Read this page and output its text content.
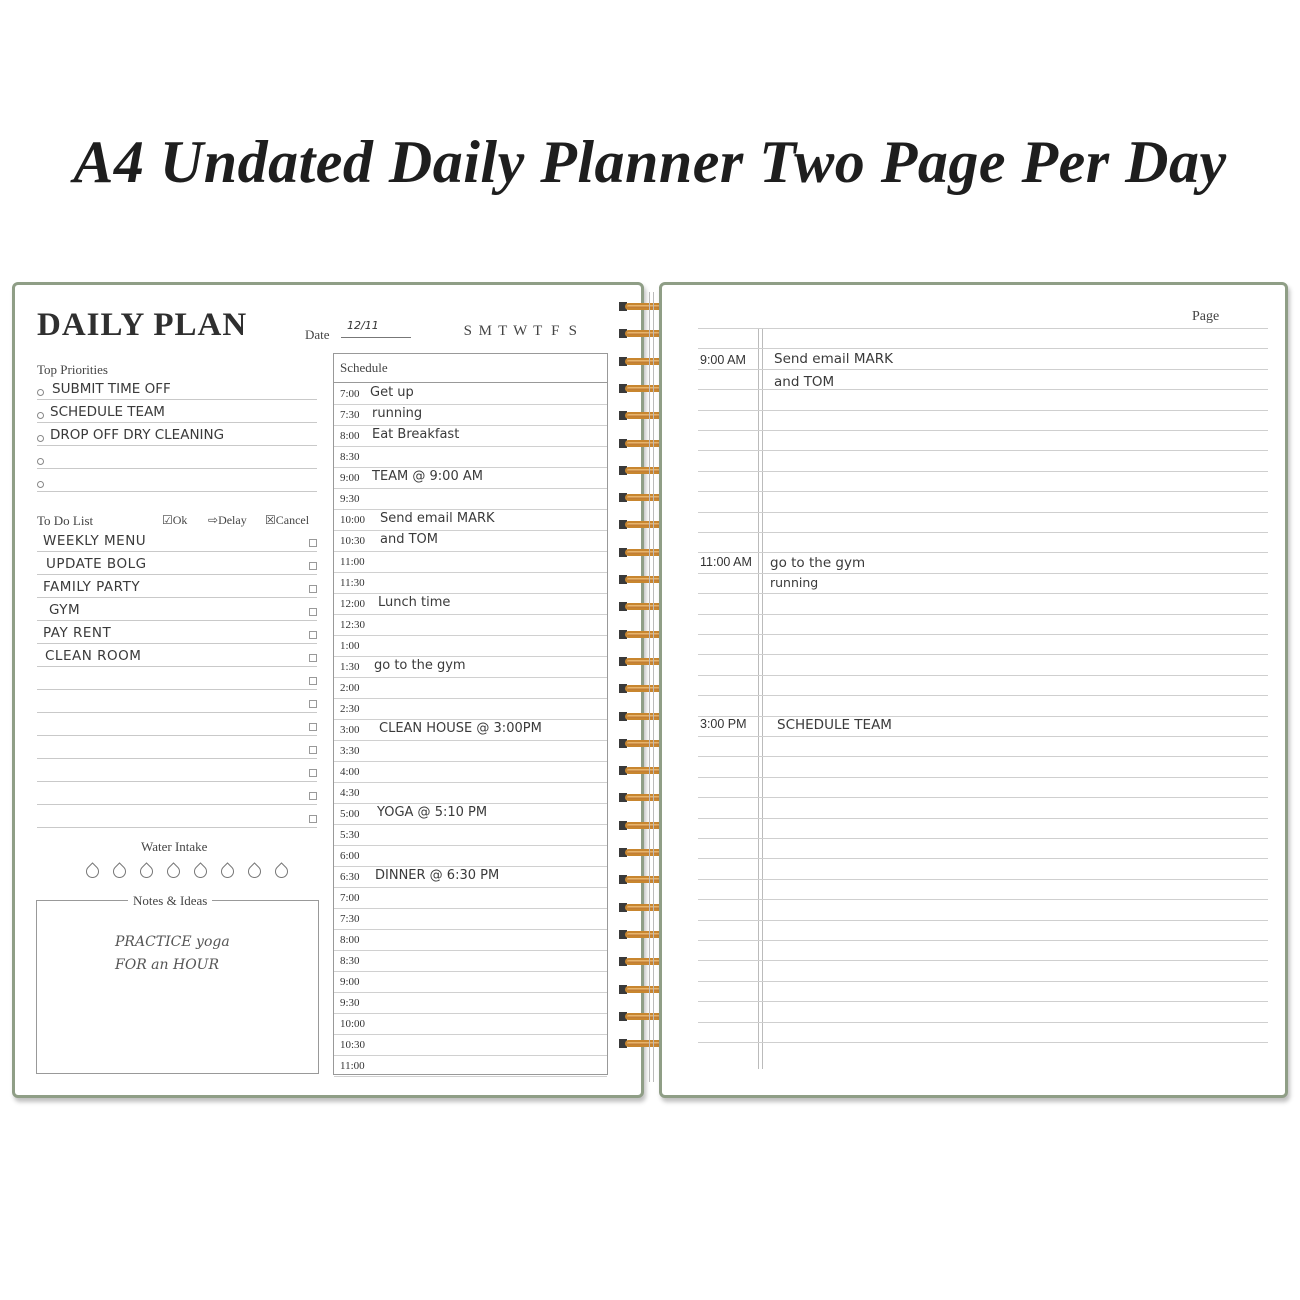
A4 Undated Daily Planner Two Page Per Day
DAILY PLAN	Date
12/11	S M T W T F S
Top Priorities
SUBMIT TIME OFF
SCHEDULE TEAM
DROP OFF DRY CLEANING
To Do List	☑Ok ⇨Delay ☒Cancel
WEEKLY MENU
UPDATE BOLG
FAMILY PARTY
GYM
PAY RENT
CLEAN ROOM
Water Intake
Notes & Ideas
PRACTICE yoga
FOR an HOUR
Schedule
7:00 Get up
7:30 running
8:00 Eat Breakfast
8:30
9:00 TEAM @ 9:00 AM
9:30
10:00 Send email MARK
10:30 and TOM
11:00
11:30
12:00 Lunch time
12:30
1:00
1:30 go to the gym
2:00
2:30
3:00 CLEAN HOUSE @ 3:00PM
3:30
4:00
4:30
5:00 YOGA @ 5:10 PM
5:30
6:00
6:30 DINNER @ 6:30 PM
7:00
7:30
8:00
8:30
9:00
9:30
10:00
10:30
11:00
Page
9:00 AM Send email MARK
and TOM
11:00 AM go to the gym
running
3:00 PM SCHEDULE TEAM
